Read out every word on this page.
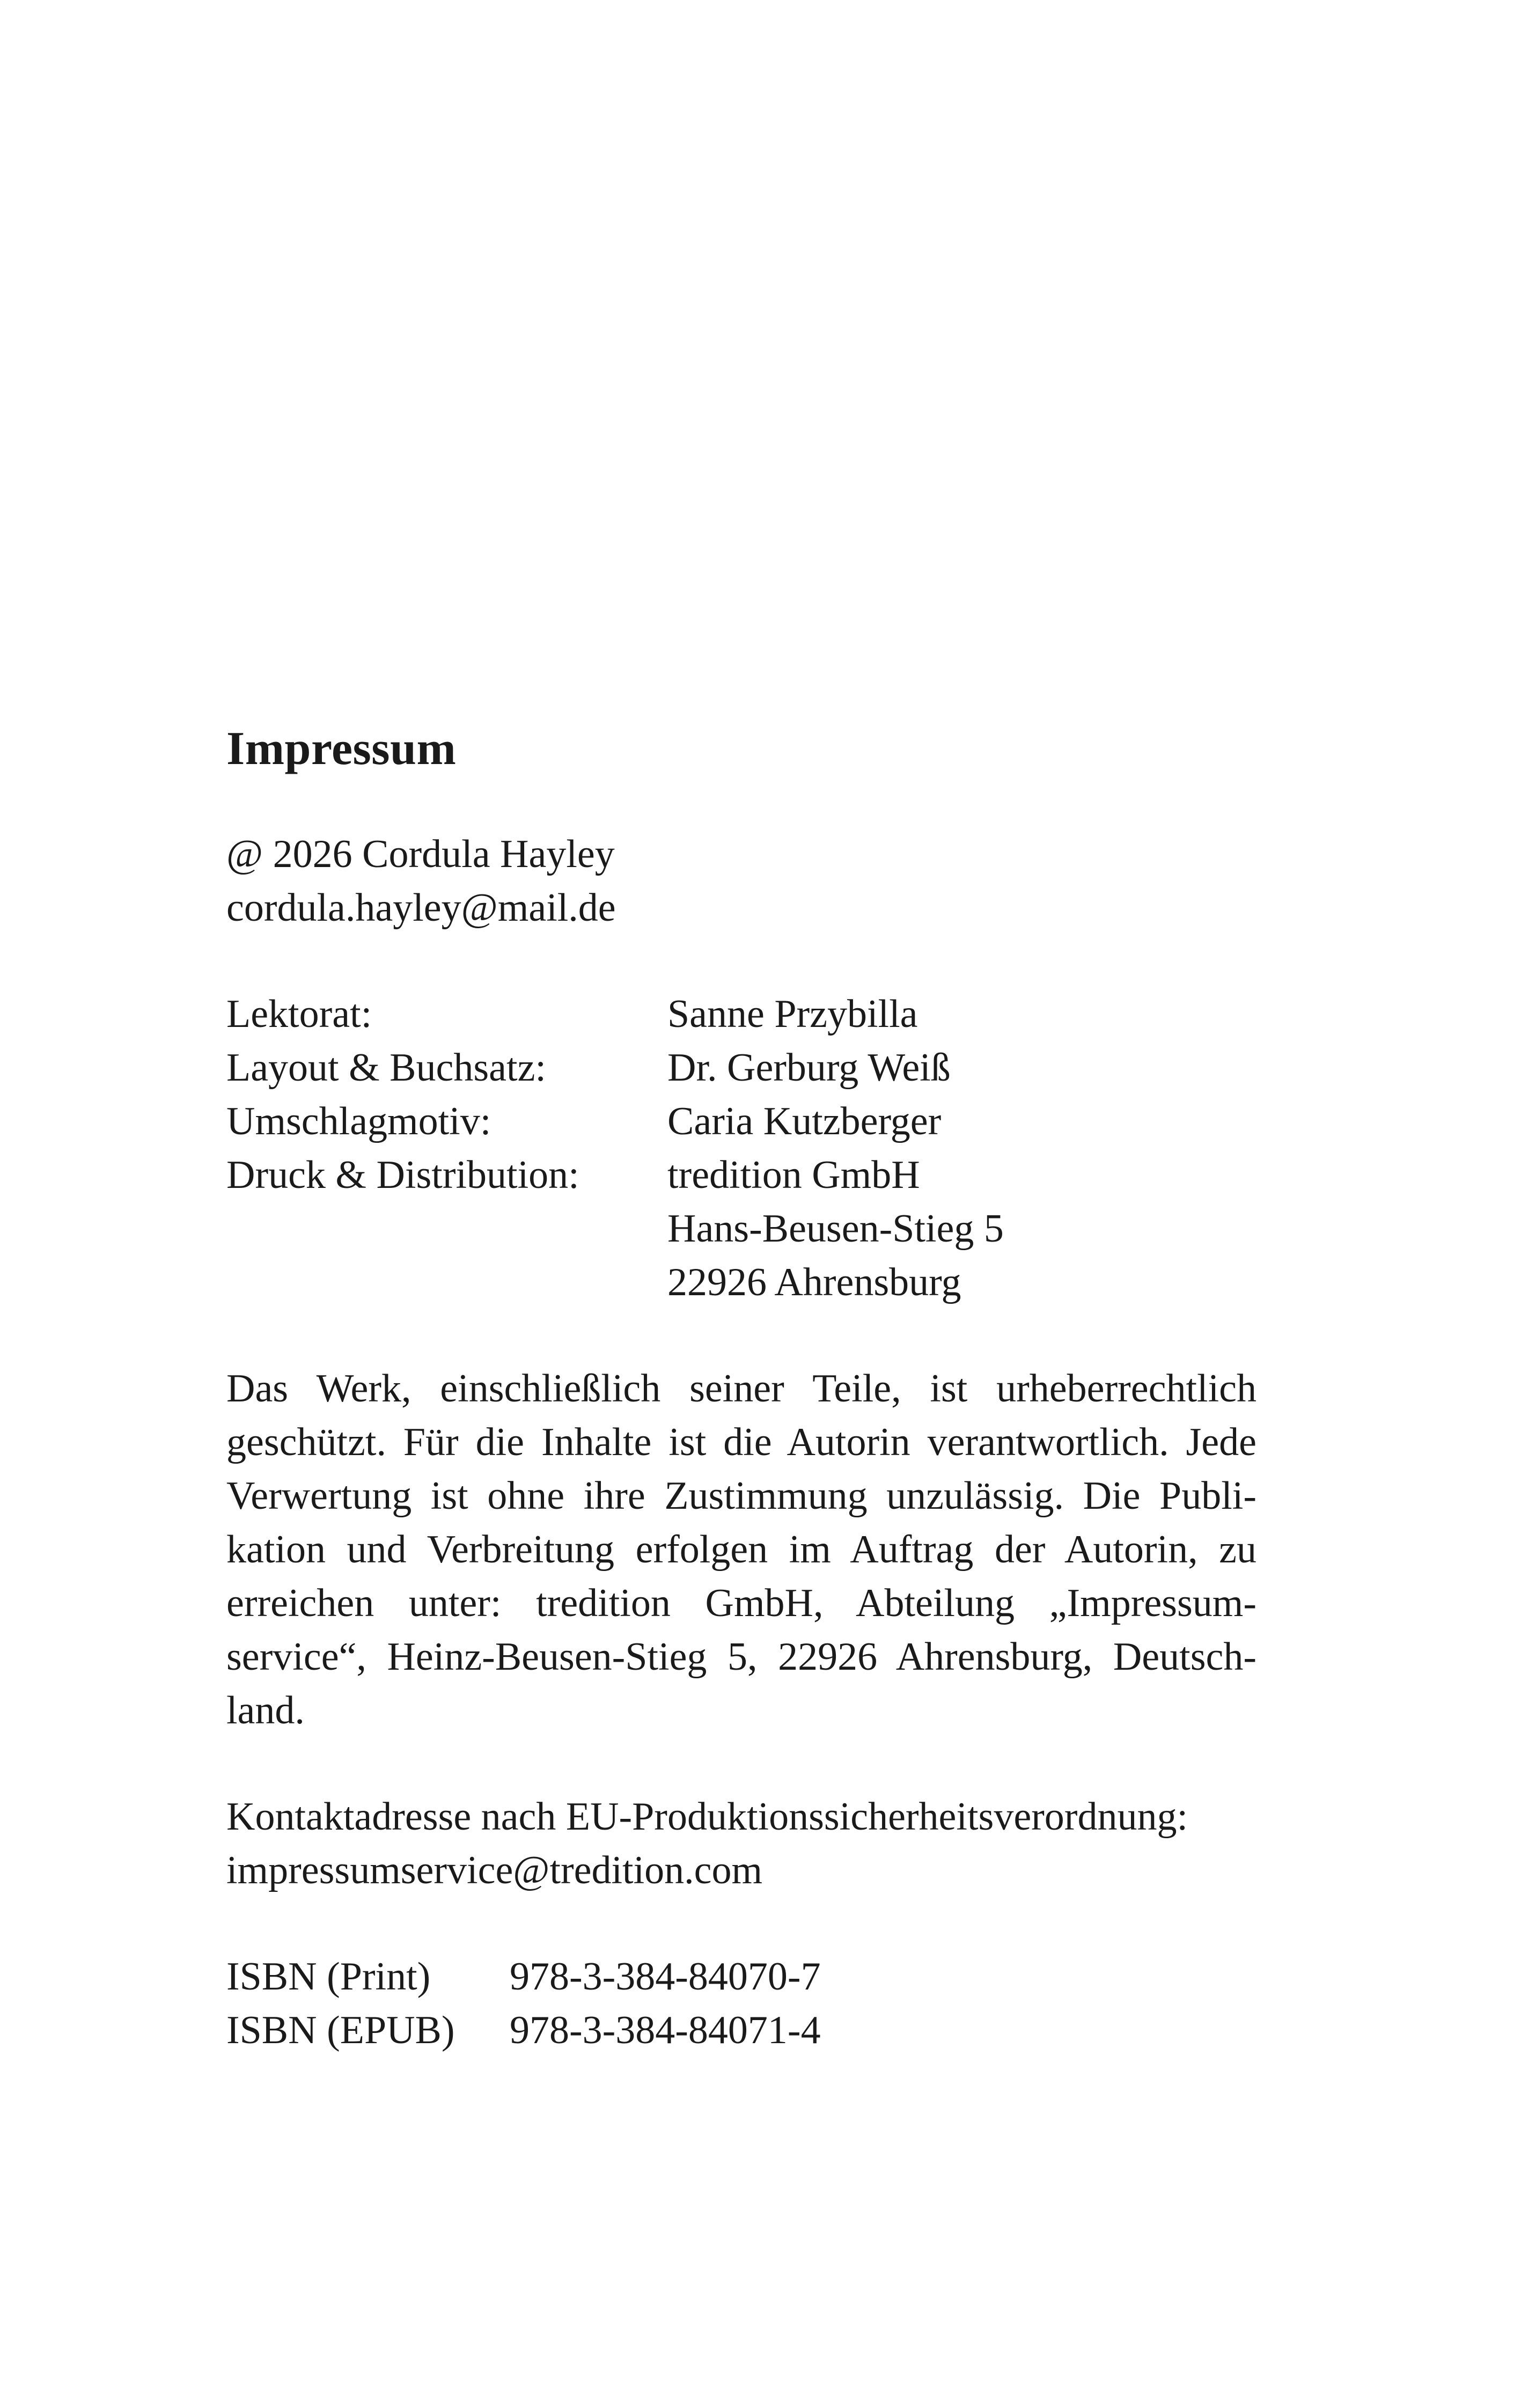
Impressum
@ 2026 Cordula Hayley
cordula.hayley@mail.de
Lektorat:	Sanne Przybilla
Layout & Buchsatz:	Dr. Gerburg Weiß
Umschlagmotiv:	Caria Kutzberger
Druck & Distribution:	tredition GmbH
Hans-Beusen-Stieg 5
22926 Ahrensburg
Das Werk, einschließlich seiner Teile, ist urheberrechtlich geschützt. Für die Inhalte ist die Autorin verantwortlich. Jede Verwertung ist ohne ihre Zustimmung unzulässig. Die Publikation und Verbreitung erfolgen im Auftrag der Autorin, zu erreichen unter: tredition GmbH, Abteilung „Impressumservice“, Heinz-Beusen-Stieg 5, 22926 Ahrensburg, Deutschland.
Kontaktadresse nach EU-Produktionssicherheitsverordnung:
impressumservice@tredition.com
ISBN (Print)	978-3-384-84070-7
ISBN (EPUB)	978-3-384-84071-4
